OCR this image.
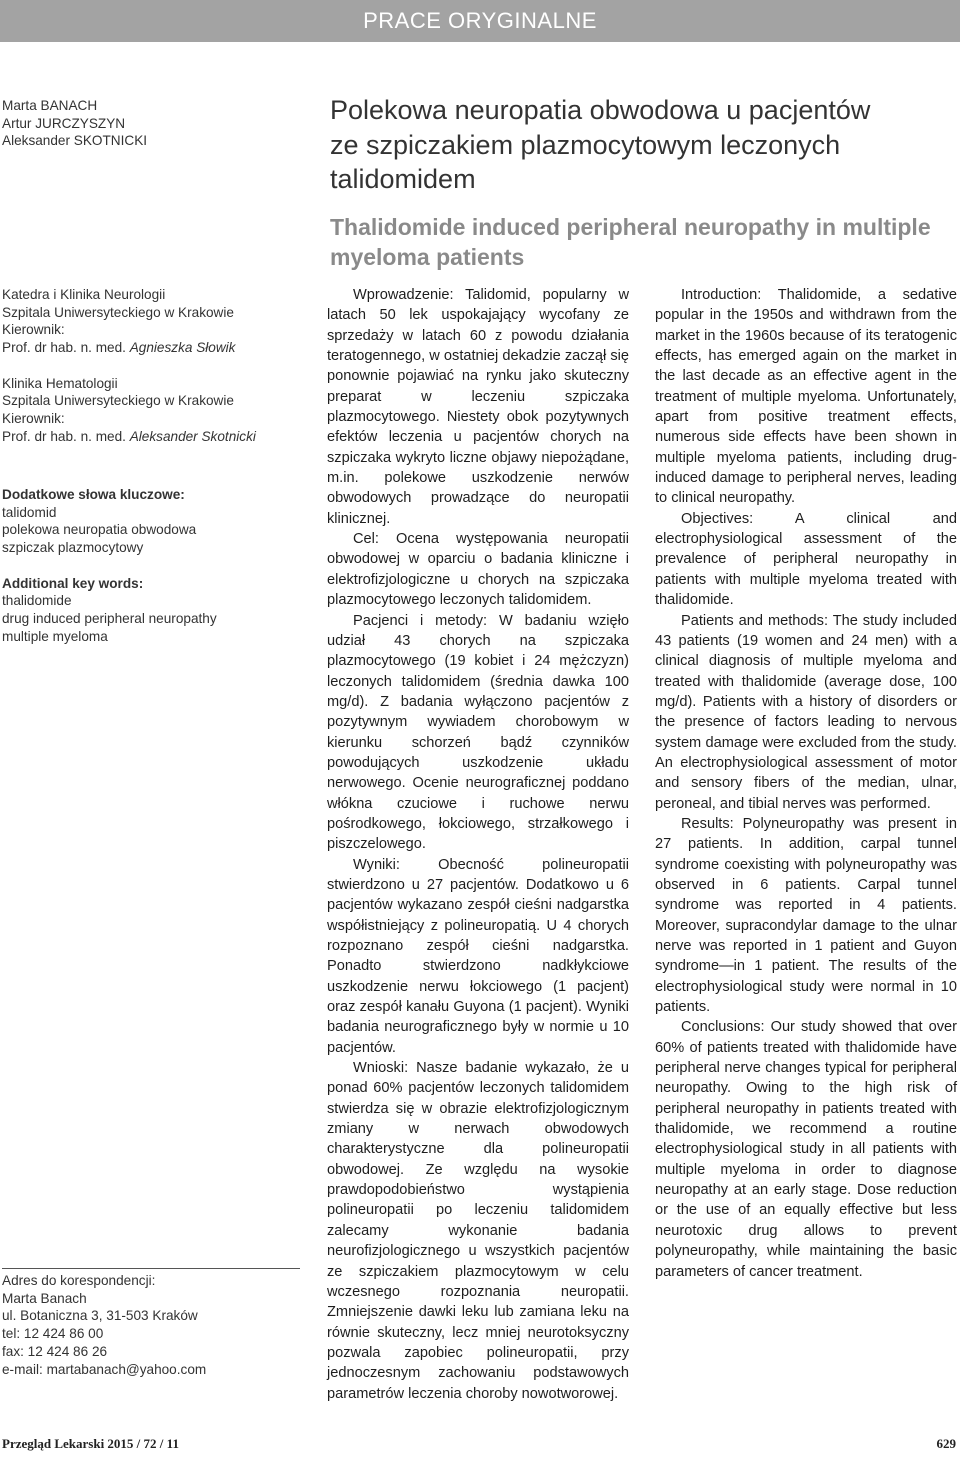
PRACE ORYGINALNE
Marta BANACH
Artur JURCZYSZYN
Aleksander SKOTNICKI
Katedra i Klinika Neurologii
Szpitala Uniwersyteckiego w Krakowie
Kierownik:
Prof. dr hab. n. med. Agnieszka Słowik
Klinika Hematologii
Szpitala Uniwersyteckiego w Krakowie
Kierownik:
Prof. dr hab. n. med. Aleksander Skotnicki
Dodatkowe słowa kluczowe:
talidomid
polekowa neuropatia obwodowa
szpiczak plazmocytowy
Additional key words:
thalidomide
drug induced peripheral neuropathy
multiple myeloma
Adres do korespondencji:
Marta Banach
ul. Botaniczna 3, 31-503 Kraków
tel: 12 424 86 00
fax: 12 424 86 26
e-mail: martabanach@yahoo.com
Polekowa neuropatia obwodowa u pacjentów
ze szpiczakiem plazmocytowym leczonych
talidomidem
Thalidomide induced peripheral neuropathy in multiple
myeloma patients

Wprowadzenie: Talidomid, popularny w latach 50 lek uspokajający wycofany ze sprzedaży w latach 60 z powodu działania teratogennego, w ostatniej dekadzie zaczął się ponownie pojawiać na rynku jako skuteczny preparat w leczeniu szpiczaka plazmocytowego. Niestety obok pozytywnych efektów leczenia u pacjentów chorych na szpiczaka wykryto liczne objawy niepożądane, m.in. polekowe uszkodzenie nerwów obwodowych prowadzące do neuropatii klinicznej.

Cel: Ocena występowania neuropatii obwodowej w oparciu o badania kliniczne i elektrofizjologiczne u chorych na szpiczaka plazmocytowego leczonych talidomidem.

Pacjenci i metody: W badaniu wzięło udział 43 chorych na szpiczaka plazmocytowego (19 kobiet i 24 mężczyzn) leczonych talidomidem (średnia dawka 100 mg/d). Z badania wyłączono pacjentów z pozytywnym wywiadem chorobowym w kierunku schorzeń bądź czynników powodujących uszkodzenie układu nerwowego. Ocenie neurograficznej poddano włókna czuciowe i ruchowe nerwu pośrodkowego, łokciowego, strzałkowego i piszczelowego.

Wyniki: Obecność polineuropatii stwierdzono u 27 pacjentów. Dodatkowo u 6 pacjentów wykazano zespół cieśni nadgarstka współistniejący z polineuropatią. U 4 chorych rozpoznano zespół cieśni nadgarstka. Ponadto stwierdzono nadkłykciowe uszkodzenie nerwu łokciowego (1 pacjent) oraz zespół kanału Guyona (1 pacjent). Wyniki badania neurograficznego były w normie u 10 pacjentów.

Wnioski: Nasze badanie wykazało, że u ponad 60% pacjentów leczonych talidomidem stwierdza się w obrazie elektrofizjologicznym zmiany w nerwach obwodowych charakterystyczne dla polineuropatii obwodowej. Ze względu na wysokie prawdopodobieństwo wystąpienia polineuropatii po leczeniu talidomidem zalecamy wykonanie badania neurofizjologicznego u wszystkich pacjentów ze szpiczakiem plazmocytowym w celu wczesnego rozpoznania neuropatii. Zmniejszenie dawki leku lub zamiana leku na równie skuteczny, lecz mniej neurotoksyczny pozwala zapobiec polineuropatii, przy jednoczesnym zachowaniu podstawowych parametrów leczenia choroby nowotworowej.

Introduction: Thalidomide, a sedative popular in the 1950s and withdrawn from the market in the 1960s because of its teratogenic effects, has emerged again on the market in the last decade as an effective agent in the treatment of multiple myeloma. Unfortunately, apart from positive treatment effects, numerous side effects have been shown in multiple myeloma patients, including drug-induced damage to peripheral nerves, leading to clinical neuropathy.

Objectives: A clinical and electrophysiological assessment of the prevalence of peripheral neuropathy in patients with multiple myeloma treated with thalidomide.

Patients and methods: The study included 43 patients (19 women and 24 men) with a clinical diagnosis of multiple myeloma and treated with thalidomide (average dose, 100 mg/d). Patients with a history of disorders or the presence of factors leading to nervous system damage were excluded from the study. An electrophysiological assessment of motor and sensory fibers of the median, ulnar, peroneal, and tibial nerves was performed.

Results: Polyneuropathy was present in 27 patients. In addition, carpal tunnel syndrome coexisting with polyneuropathy was observed in 6 patients. Carpal tunnel syndrome was reported in 4 patients. Moreover, supracondylar damage to the ulnar nerve was reported in 1 patient and Guyon syndrome—in 1 patient. The results of the electrophysiological study were normal in 10 patients.

Conclusions: Our study showed that over 60% of patients treated with thalidomide have peripheral nerve changes typical for peripheral neuropathy. Owing to the high risk of peripheral neuropathy in patients treated with thalidomide, we recommend a routine electrophysiological study in all patients with multiple myeloma in order to diagnose neuropathy at an early stage. Dose reduction or the use of an equally effective but less neurotoxic drug allows to prevent polyneuropathy, while maintaining the basic parameters of cancer treatment.

Przegląd Lekarski 2015 / 72 / 11	629
